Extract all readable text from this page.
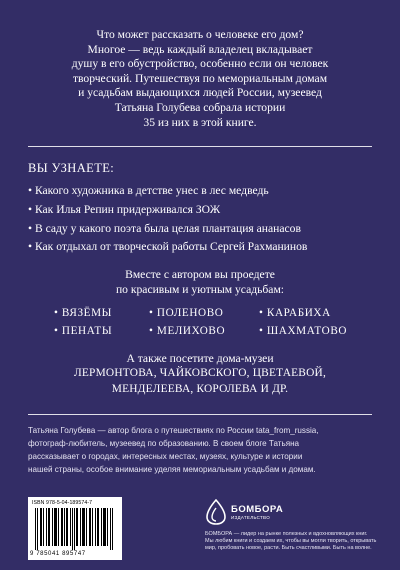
Что может рассказать о человеке его дом?
Многое — ведь каждый владелец вкладывает
душу в его обустройство, особенно если он человек
творческий. Путешествуя по мемориальным домам
и усадьбам выдающихся людей России, музеевед
Татьяна Голубева собрала истории
35 из них в этой книге.
ВЫ УЗНАЕТЕ:
• Какого художника в детстве унес в лес медведь
• Как Илья Репин придерживался ЗОЖ
• В саду у какого поэта была целая плантация ананасов
• Как отдыхал от творческой работы Сергей Рахманинов
Вместе с автором вы проедете
по красивым и уютным усадьбам:
• ВЯЗЁМЫ	• ПОЛЕНОВО	• КАРАБИХА
• ПЕНАТЫ	• МЕЛИХОВО	• ШАХМАТОВО
А также посетите дома-музеи
ЛЕРМОНТОВА, ЧАЙКОВСКОГО, ЦВЕТАЕВОЙ,
МЕНДЕЛЕЕВА, КОРОЛЕВА И ДР.
Татьяна Голубева — автор блога о путешествиях по России tata_from_russia,
фотограф-любитель, музеевед по образованию. В своем блоге Татьяна
рассказывает о городах, интересных местах, музеях, культуре и истории
нашей страны, особое внимание уделяя мемориальным усадьбам и домам.
ISBN 978-5-04-189574-7
9 785041 895747
БОМБОРА
ИЗДАТЕЛЬСТВО
БОМБОРА — лидер на рынке полезных и вдохновляющих книг.
Мы любим книги и создаем их, чтобы вы могли творить, открывать
мир, пробовать новое, расти. Быть счастливыми. Быть на волне.
